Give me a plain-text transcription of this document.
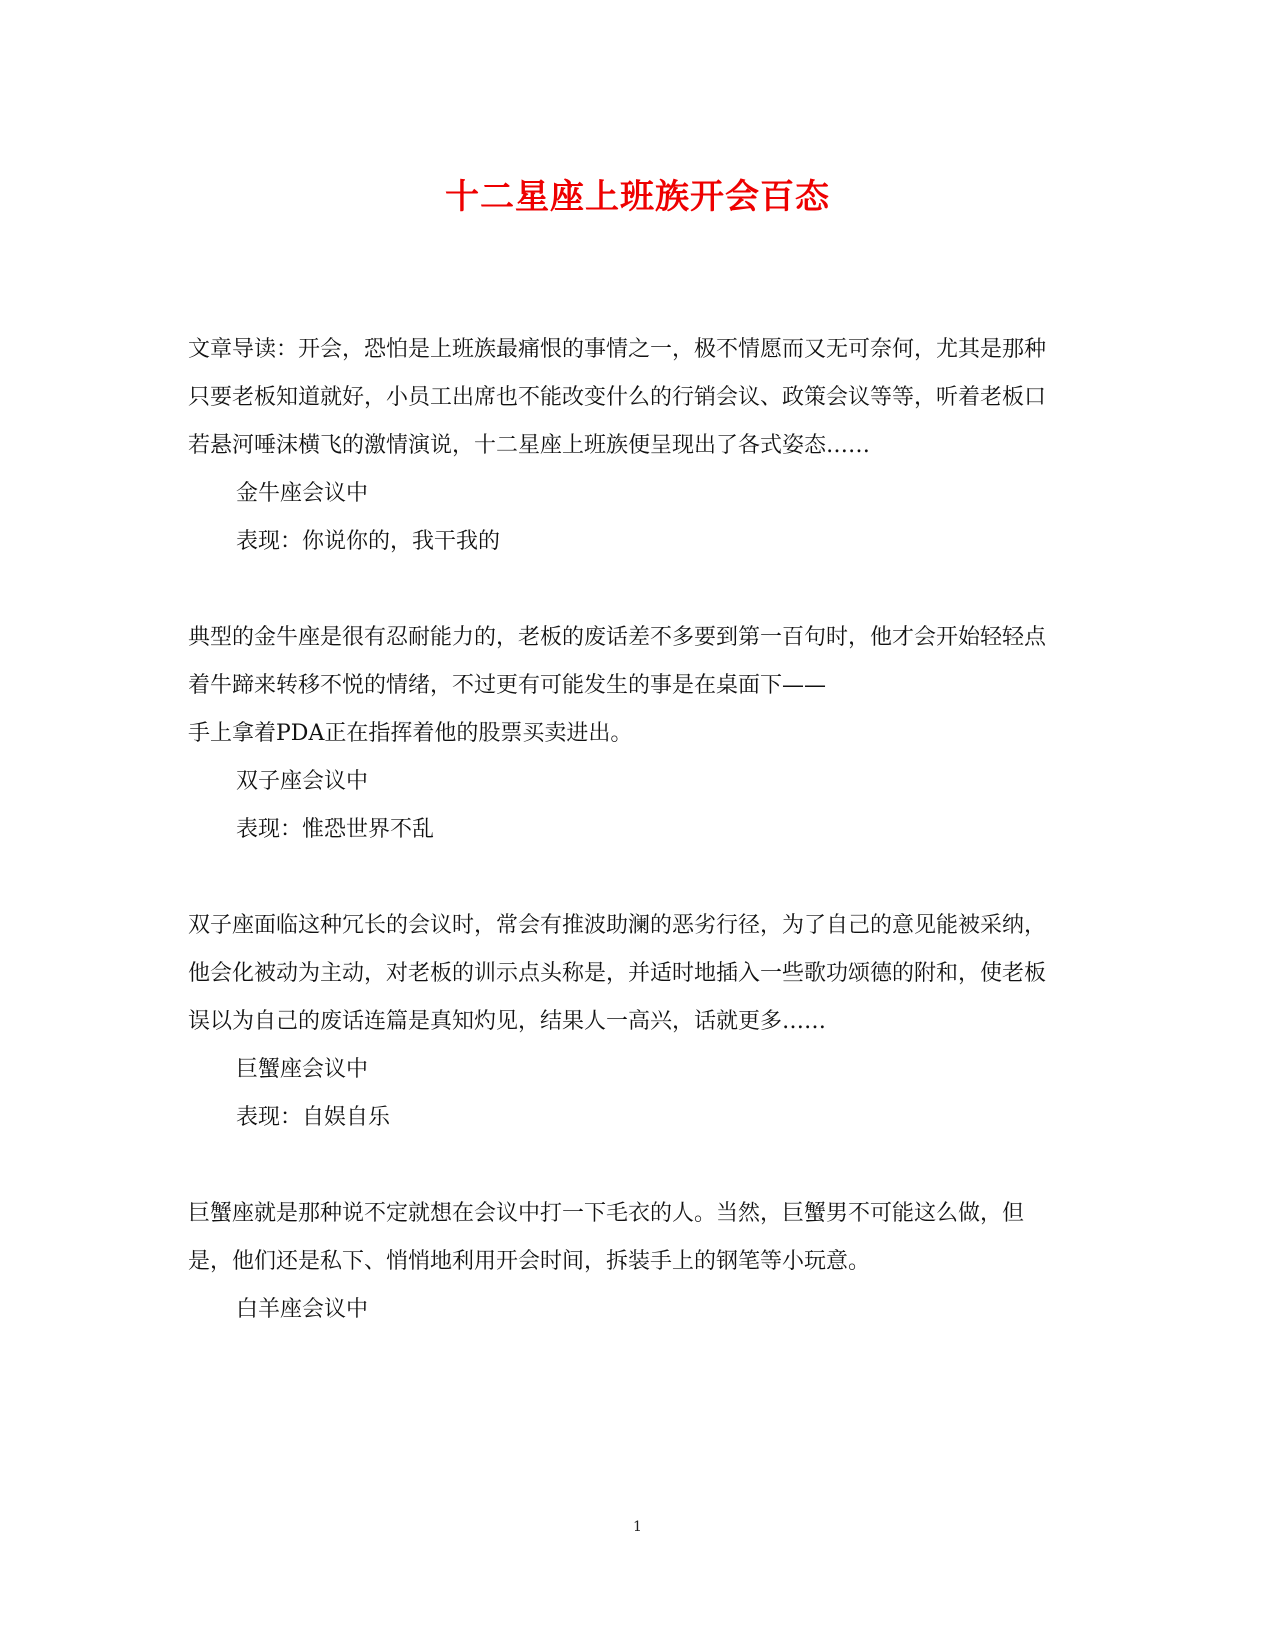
十二星座上班族开会百态

文章导读：开会，恐怕是上班族最痛恨的事情之一，极不情愿而又无可奈何，尤其是那种只要老板知道就好，小员工出席也不能改变什么的行销会议、政策会议等等，听着老板口若悬河唾沫横飞的激情演说，十二星座上班族便呈现出了各式姿态……

金牛座会议中

表现：你说你的，我干我的

典型的金牛座是很有忍耐能力的，老板的废话差不多要到第一百句时，他才会开始轻轻点着牛蹄来转移不悦的情绪，不过更有可能发生的事是在桌面下——

手上拿着PDA正在指挥着他的股票买卖进出。

双子座会议中

表现：惟恐世界不乱

双子座面临这种冗长的会议时，常会有推波助澜的恶劣行径，为了自己的意见能被采纳，他会化被动为主动，对老板的训示点头称是，并适时地插入一些歌功颂德的附和，使老板误以为自己的废话连篇是真知灼见，结果人一高兴，话就更多……

巨蟹座会议中

表现：自娱自乐

巨蟹座就是那种说不定就想在会议中打一下毛衣的人。当然，巨蟹男不可能这么做，但是，他们还是私下、悄悄地利用开会时间，拆装手上的钢笔等小玩意。

白羊座会议中

1
